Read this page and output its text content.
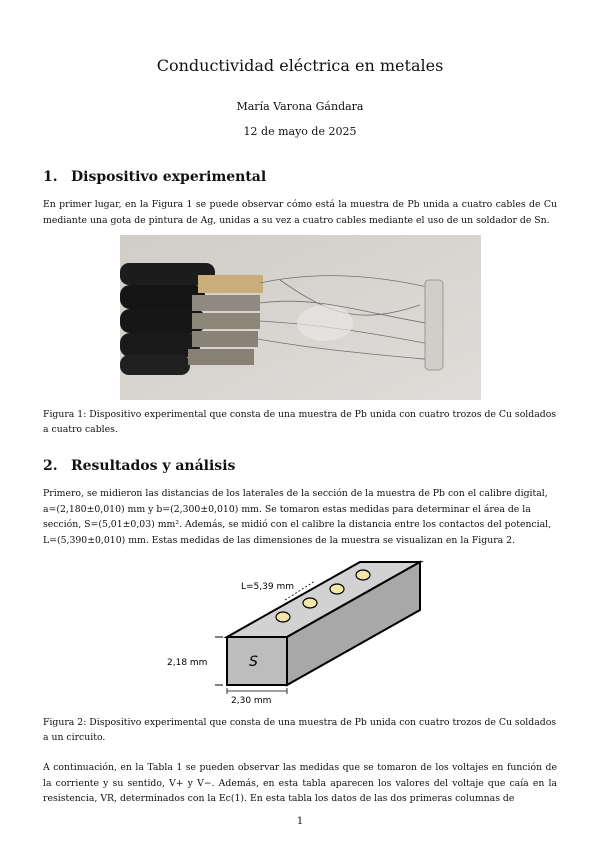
Conductividad eléctrica en metales
María Varona Gándara
12 de mayo de 2025
1. Dispositivo experimental
En primer lugar, en la Figura 1 se puede observar cómo está la muestra de Pb unida a cuatro cables de Cu mediante una gota de pintura de Ag, unidas a su vez a cuatro cables mediante el uso de un soldador de Sn.
Figura 1: Dispositivo experimental que consta de una muestra de Pb unida con cuatro trozos de Cu soldados a cuatro cables.
2. Resultados y análisis
Primero, se midieron las distancias de los laterales de la sección de la muestra de Pb con el calibre digital,
a=(2,180±0,010) mm y b=(2,300±0,010) mm. Se tomaron estas medidas para determinar el área de la
sección, S=(5,01±0,03) mm². Además, se midió con el calibre la distancia entre los contactos del potencial,
L=(5,390±0,010) mm. Estas medidas de las dimensiones de la muestra se visualizan en la Figura 2.
L=5,39 mm
2,18 mm
2,30 mm
S
Figura 2: Dispositivo experimental que consta de una muestra de Pb unida con cuatro trozos de Cu soldados a un circuito.
A continuación, en la Tabla 1 se pueden observar las medidas que se tomaron de los voltajes en función de la corriente y su sentido, V+ y V−. Además, en esta tabla aparecen los valores del voltaje que caía en la resistencia, VR, determinados con la Ec(1). En esta tabla los datos de las dos primeras columnas de
1
